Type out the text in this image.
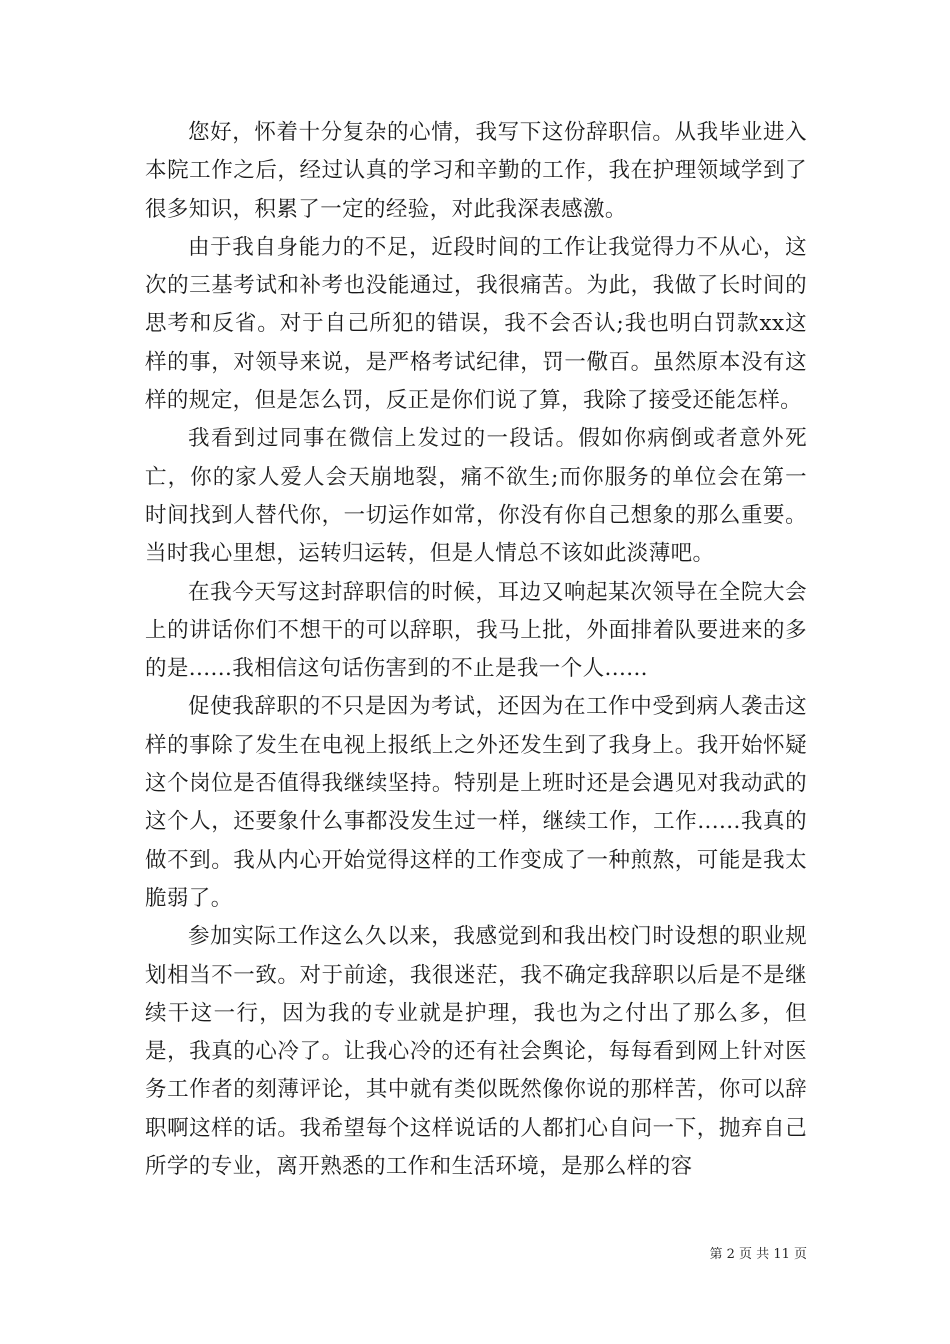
您好，怀着十分复杂的心情，我写下这份辞职信。从我毕业进入本院工作之后，经过认真的学习和辛勤的工作，我在护理领域学到了很多知识，积累了一定的经验，对此我深表感激。

由于我自身能力的不足，近段时间的工作让我觉得力不从心，这次的三基考试和补考也没能通过，我很痛苦。为此，我做了长时间的思考和反省。对于自己所犯的错误，我不会否认;我也明白罚款xx这样的事，对领导来说，是严格考试纪律，罚一儆百。虽然原本没有这样的规定，但是怎么罚，反正是你们说了算，我除了接受还能怎样。

我看到过同事在微信上发过的一段话。假如你病倒或者意外死亡，你的家人爱人会天崩地裂，痛不欲生;而你服务的单位会在第一时间找到人替代你，一切运作如常，你没有你自己想象的那么重要。当时我心里想，运转归运转，但是人情总不该如此淡薄吧。

在我今天写这封辞职信的时候，耳边又响起某次领导在全院大会上的讲话你们不想干的可以辞职，我马上批，外面排着队要进来的多的是......我相信这句话伤害到的不止是我一个人......

促使我辞职的不只是因为考试，还因为在工作中受到病人袭击这样的事除了发生在电视上报纸上之外还发生到了我身上。我开始怀疑这个岗位是否值得我继续坚持。特别是上班时还是会遇见对我动武的这个人，还要象什么事都没发生过一样，继续工作，工作......我真的做不到。我从内心开始觉得这样的工作变成了一种煎熬，可能是我太脆弱了。

参加实际工作这么久以来，我感觉到和我出校门时设想的职业规划相当不一致。对于前途，我很迷茫，我不确定我辞职以后是不是继续干这一行，因为我的专业就是护理，我也为之付出了那么多，但是，我真的心冷了。让我心冷的还有社会舆论，每每看到网上针对医务工作者的刻薄评论，其中就有类似既然像你说的那样苦，你可以辞职啊这样的话。我希望每个这样说话的人都扪心自问一下，抛弃自己所学的专业，离开熟悉的工作和生活环境，是那么样的容

第 2 页 共 11 页
